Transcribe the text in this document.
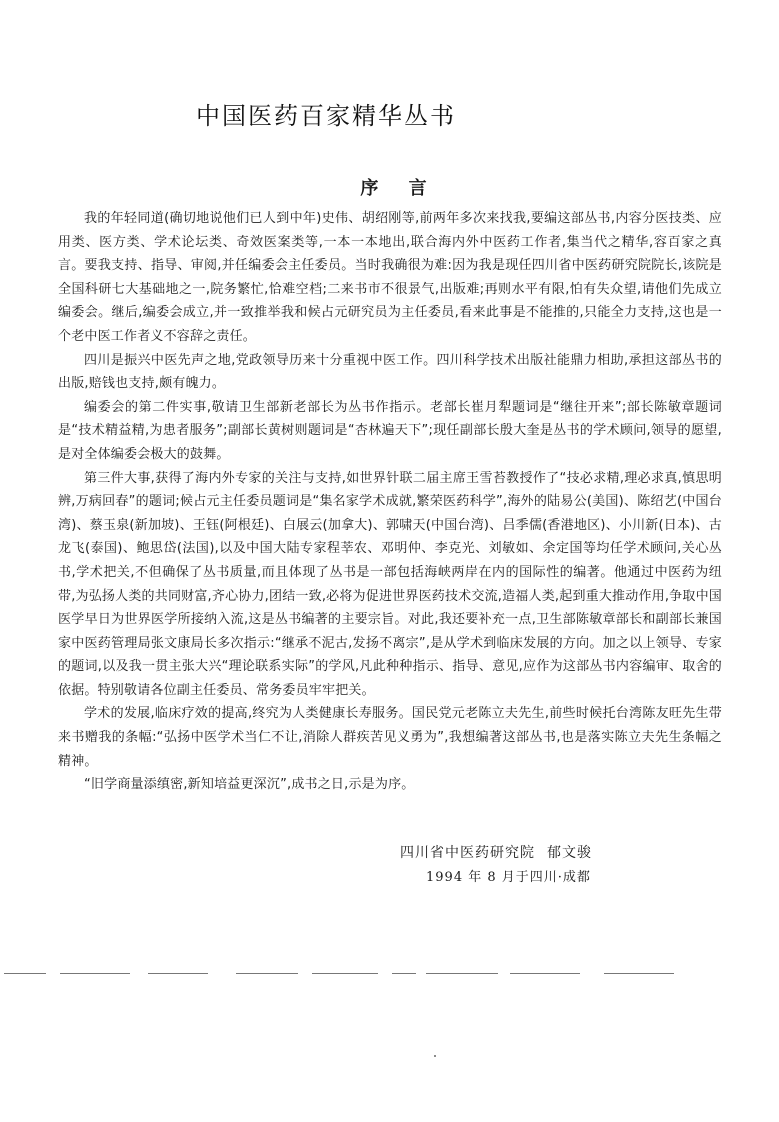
中国医药百家精华丛书
序 言

我的年轻同道(确切地说他们已人到中年)史伟、胡绍刚等,前两年多次来找我,要编这部丛书,内容分医技类、应用类、医方类、学术论坛类、奇效医案类等,一本一本地出,联合海内外中医药工作者,集当代之精华,容百家之真言。要我支持、指导、审阅,并任编委会主任委员。当时我确很为难:因为我是现任四川省中医药研究院院长,该院是全国科研七大基础地之一,院务繁忙,恰难空档;二来书市不很景气,出版难;再则水平有限,怕有失众望,请他们先成立编委会。继后,编委会成立,并一致推举我和候占元研究员为主任委员,看来此事是不能推的,只能全力支持,这也是一个老中医工作者义不容辞之责任。

四川是振兴中医先声之地,党政领导历来十分重视中医工作。四川科学技术出版社能鼎力相助,承担这部丛书的出版,赔钱也支持,颇有魄力。

编委会的第二件实事,敬请卫生部新老部长为丛书作指示。老部长崔月犁题词是“继往开来”;部长陈敏章题词是“技术精益精,为患者服务”;副部长黄树则题词是“杏林遍天下”;现任副部长殷大奎是丛书的学术顾问,领导的愿望,是对全体编委会极大的鼓舞。

第三件大事,获得了海内外专家的关注与支持,如世界针联二届主席王雪苔教授作了“技必求精,理必求真,慎思明辨,万病回春”的题词;候占元主任委员题词是“集名家学术成就,繁荣医药科学”,海外的陆易公(美国)、陈绍艺(中国台湾)、蔡玉泉(新加坡)、王钰(阿根廷)、白展云(加拿大)、郭啸天(中国台湾)、吕季儒(香港地区)、小川新(日本)、古龙飞(泰国)、鲍思岱(法国),以及中国大陆专家程莘农、邓明仲、李克光、刘敏如、余定国等均任学术顾问,关心丛书,学术把关,不但确保了丛书质量,而且体现了丛书是一部包括海峡两岸在内的国际性的编著。他通过中医药为纽带,为弘扬人类的共同财富,齐心协力,团结一致,必将为促进世界医药技术交流,造福人类,起到重大推动作用,争取中国医学早日为世界医学所接纳入流,这是丛书编著的主要宗旨。对此,我还要补充一点,卫生部陈敏章部长和副部长兼国家中医药管理局张文康局长多次指示:“继承不泥古,发扬不离宗”,是从学术到临床发展的方向。加之以上领导、专家的题词,以及我一贯主张大兴“理论联系实际”的学风,凡此种种指示、指导、意见,应作为这部丛书内容编审、取舍的依据。特别敬请各位副主任委员、常务委员牢牢把关。

学术的发展,临床疗效的提高,终究为人类健康长寿服务。国民党元老陈立夫先生,前些时候托台湾陈友旺先生带来书赠我的条幅:“弘扬中医学术当仁不让,消除人群疾苦见义勇为”,我想编著这部丛书,也是落实陈立夫先生条幅之精神。

“旧学商量添缜密,新知培益更深沉”,成书之日,示是为序。

四川省中医药研究院 郁文骏
1994 年 8 月于四川·成都
